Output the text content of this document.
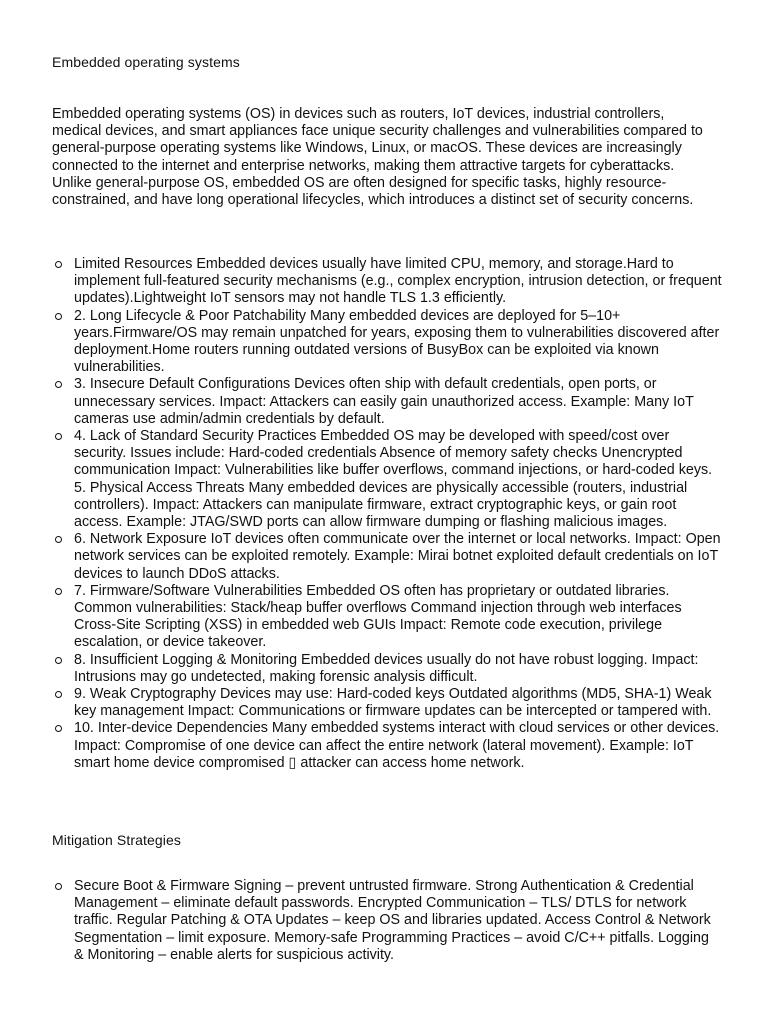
Embedded operating systems

Embedded operating systems (OS) in devices such as routers, IoT devices, industrial controllers, medical devices, and smart appliances face unique security challenges and vulnerabilities compared to general-purpose operating systems like Windows, Linux, or macOS. These devices are increasingly connected to the internet and enterprise networks, making them attractive targets for cyberattacks. Unlike general-purpose OS, embedded OS are often designed for specific tasks, highly resource-constrained, and have long operational lifecycles, which introduces a distinct set of security concerns.

Limited Resources Embedded devices usually have limited CPU, memory, and storage.Hard to implement full-featured security mechanisms (e.g., complex encryption, intrusion detection, or frequent updates).Lightweight IoT sensors may not handle TLS 1.3 efficiently.
2. Long Lifecycle & Poor Patchability Many embedded devices are deployed for 5–10+ years.Firmware/OS may remain unpatched for years, exposing them to vulnerabilities discovered after deployment.Home routers running outdated versions of BusyBox can be exploited via known vulnerabilities.
3. Insecure Default Configurations Devices often ship with default credentials, open ports, or unnecessary services. Impact: Attackers can easily gain unauthorized access. Example: Many IoT cameras use admin/admin credentials by default.
4. Lack of Standard Security Practices Embedded OS may be developed with speed/cost over security. Issues include: Hard-coded credentials Absence of memory safety checks Unencrypted communication Impact: Vulnerabilities like buffer overflows, command injections, or hard-coded keys. 5. Physical Access Threats Many embedded devices are physically accessible (routers, industrial controllers). Impact: Attackers can manipulate firmware, extract cryptographic keys, or gain root access. Example: JTAG/SWD ports can allow firmware dumping or flashing malicious images.
6. Network Exposure IoT devices often communicate over the internet or local networks. Impact: Open network services can be exploited remotely. Example: Mirai botnet exploited default credentials on IoT devices to launch DDoS attacks.
7. Firmware/Software Vulnerabilities Embedded OS often has proprietary or outdated libraries. Common vulnerabilities: Stack/heap buffer overflows Command injection through web interfaces Cross-Site Scripting (XSS) in embedded web GUIs Impact: Remote code execution, privilege escalation, or device takeover.
8. Insufficient Logging & Monitoring Embedded devices usually do not have robust logging. Impact: Intrusions may go undetected, making forensic analysis difficult.
9. Weak Cryptography Devices may use: Hard-coded keys Outdated algorithms (MD5, SHA-1) Weak key management Impact: Communications or firmware updates can be intercepted or tampered with.
10. Inter-device Dependencies Many embedded systems interact with cloud services or other devices. Impact: Compromise of one device can affect the entire network (lateral movement). Example: IoT smart home device compromised ▯ attacker can access home network.
Mitigation Strategies
Secure Boot & Firmware Signing – prevent untrusted firmware. Strong Authentication & Credential Management – eliminate default passwords. Encrypted Communication – TLS/ DTLS for network traffic. Regular Patching & OTA Updates – keep OS and libraries updated. Access Control & Network Segmentation – limit exposure. Memory-safe Programming Practices – avoid C/C++ pitfalls. Logging & Monitoring – enable alerts for suspicious activity.
